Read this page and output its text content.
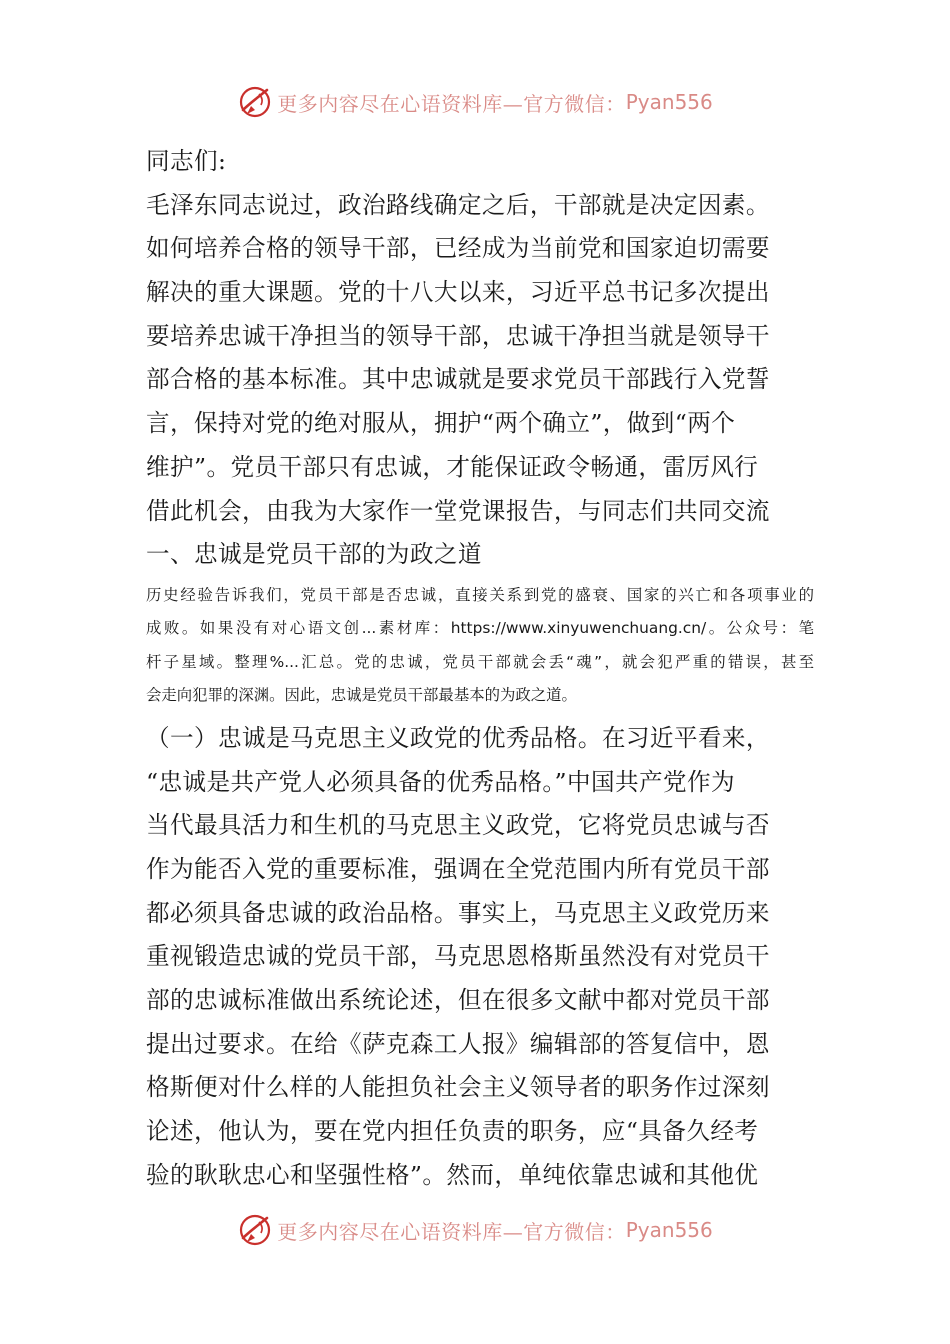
更多内容尽在心语资料库—官方微信： Pyan556
同志们:
毛泽东同志说过，政治路线确定之后，干部就是决定因素。
如何培养合格的领导干部，已经成为当前党和国家迫切需要
解决的重大课题。党的十八大以来，习近平总书记多次提出
要培养忠诚干净担当的领导干部，忠诚干净担当就是领导干
部合格的基本标准。其中忠诚就是要求党员干部践行入党誓
言，保持对党的绝对服从，拥护“两个确立”，做到“两个
维护”。党员干部只有忠诚，才能保证政令畅通，雷厉风行
借此机会，由我为大家作一堂党课报告，与同志们共同交流
一、忠诚是党员干部的为政之道
历史经验告诉我们，党员干部是否忠诚，直接关系到党的盛衰、国家的兴亡和各项事业的
成败。如果没有对心语文创...素材库：https://www.xinyuwenchuang.cn/。公众号：笔
杆子星域。整理%...汇总。党的忠诚，党员干部就会丢“魂”，就会犯严重的错误，甚至
会走向犯罪的深渊。因此，忠诚是党员干部最基本的为政之道。
（一）忠诚是马克思主义政党的优秀品格。在习近平看来，
“忠诚是共产党人必须具备的优秀品格。”中国共产党作为
当代最具活力和生机的马克思主义政党，它将党员忠诚与否
作为能否入党的重要标准，强调在全党范围内所有党员干部
都必须具备忠诚的政治品格。事实上，马克思主义政党历来
重视锻造忠诚的党员干部，马克思恩格斯虽然没有对党员干
部的忠诚标准做出系统论述，但在很多文献中都对党员干部
提出过要求。在给《萨克森工人报》编辑部的答复信中，恩
格斯便对什么样的人能担负社会主义领导者的职务作过深刻
论述，他认为，要在党内担任负责的职务，应“具备久经考
验的耿耿忠心和坚强性格”。然而，单纯依靠忠诚和其他优
更多内容尽在心语资料库—官方微信： Pyan556
